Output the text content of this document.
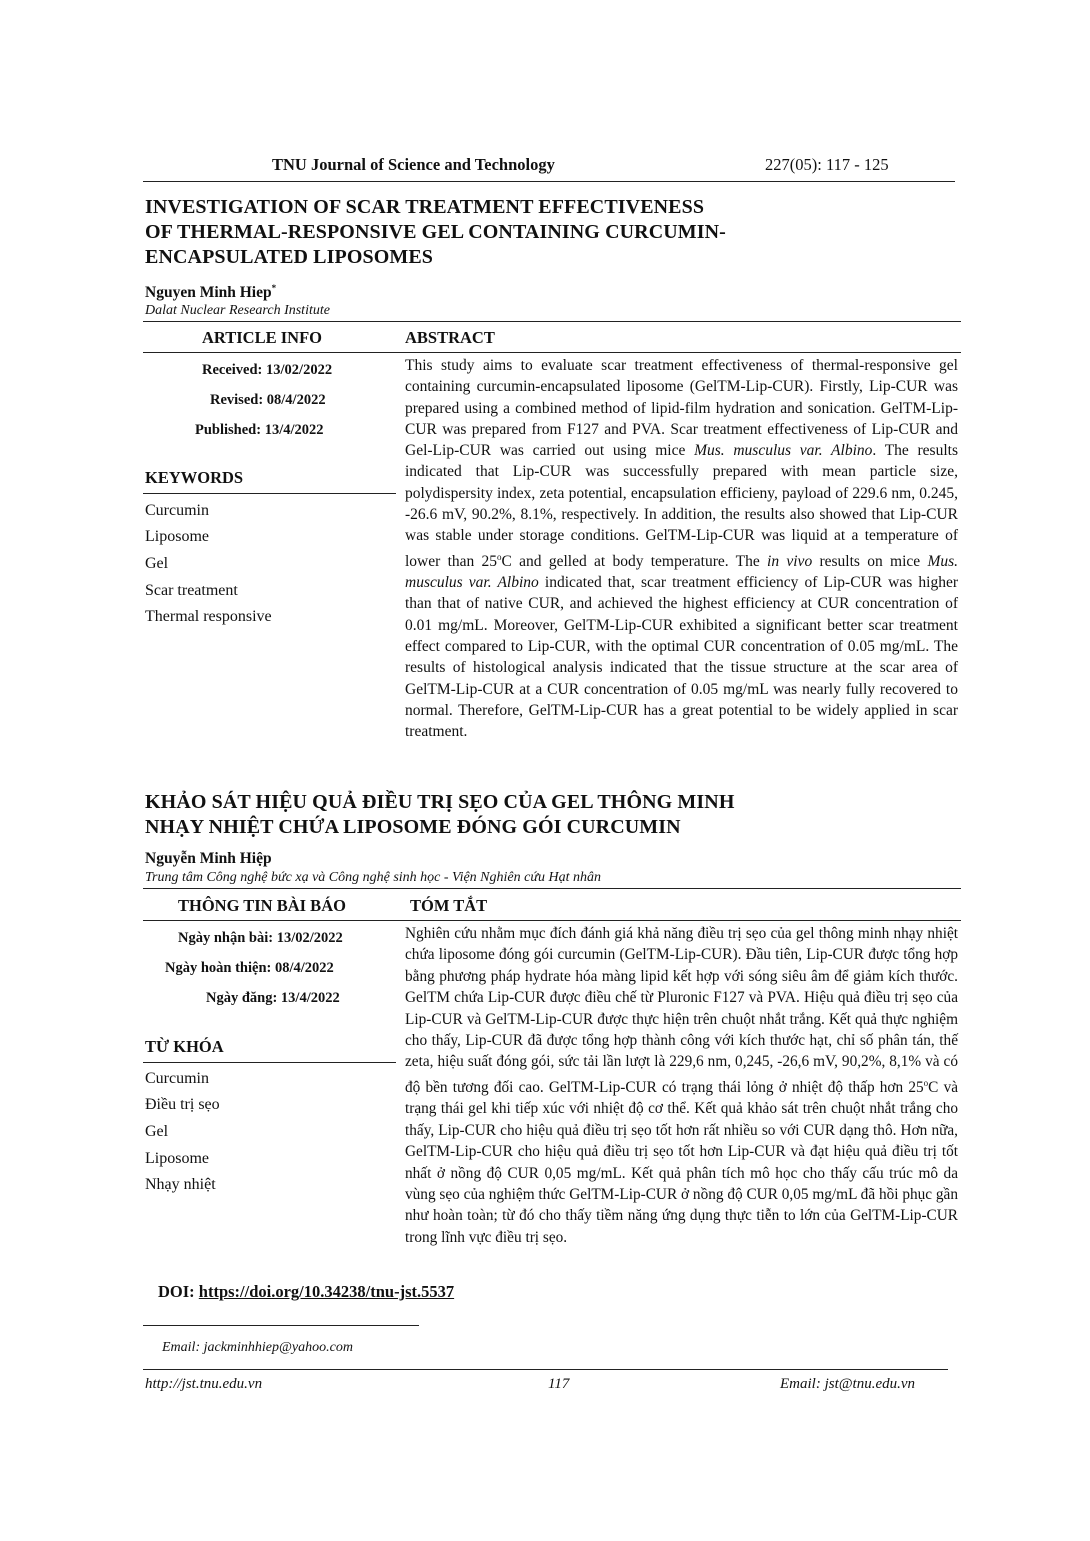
TNU Journal of Science and Technology	227(05): 117 - 125
INVESTIGATION OF SCAR TREATMENT EFFECTIVENESS
OF THERMAL-RESPONSIVE GEL CONTAINING CURCUMIN-
ENCAPSULATED LIPOSOMES
Nguyen Minh Hiep*
Dalat Nuclear Research Institute
ARTICLE INFO	ABSTRACT
Received: 13/02/2022
Revised: 08/4/2022
Published: 13/4/2022
KEYWORDS
Curcumin
Liposome
Gel
Scar treatment
Thermal responsive

This study aims to evaluate scar treatment effectiveness of thermal-responsive gel containing curcumin-encapsulated liposome (GelTM-Lip-CUR). Firstly, Lip-CUR was prepared using a combined method of lipid-film hydration and sonication. GelTM-Lip-CUR was prepared from F127 and PVA. Scar treatment effectiveness of Lip-CUR and Gel-Lip-CUR was carried out using mice Mus. musculus var. Albino. The results indicated that Lip-CUR was successfully prepared with mean particle size, polydispersity index, zeta potential, encapsulation efficieny, payload of 229.6 nm, 0.245, -26.6 mV, 90.2%, 8.1%, respectively. In addition, the results also showed that Lip-CUR was stable under storage conditions. GelTM-Lip-CUR was liquid at a temperature of lower than 25$^o$C and gelled at body temperature. The in vivo results on mice Mus. musculus var. Albino indicated that, scar treatment efficiency of Lip-CUR was higher than that of native CUR, and achieved the highest efficiency at CUR concentration of 0.01 mg/mL. Moreover, GelTM-Lip-CUR exhibited a significant better scar treatment effect compared to Lip-CUR, with the optimal CUR concentration of 0.05 mg/mL. The results of histological analysis indicated that the tissue structure at the scar area of GelTM-Lip-CUR at a CUR concentration of 0.05 mg/mL was nearly fully recovered to normal. Therefore, GelTM-Lip-CUR has a great potential to be widely applied in scar treatment.

KHẢO SÁT HIỆU QUẢ ĐIỀU TRỊ SẸO CỦA GEL THÔNG MINH
NHẠY NHIỆT CHỨA LIPOSOME ĐÓNG GÓI CURCUMIN
Nguyễn Minh Hiệp
Trung tâm Công nghệ bức xạ và Công nghệ sinh học - Viện Nghiên cứu Hạt nhân
THÔNG TIN BÀI BÁO	TÓM TẮT
Ngày nhận bài: 13/02/2022
Ngày hoàn thiện: 08/4/2022
Ngày đăng: 13/4/2022
TỪ KHÓA
Curcumin
Điều trị sẹo
Gel
Liposome
Nhạy nhiệt

Nghiên cứu nhằm mục đích đánh giá khả năng điều trị sẹo của gel thông minh nhạy nhiệt chứa liposome đóng gói curcumin (GelTM-Lip-CUR). Đầu tiên, Lip-CUR được tổng hợp bằng phương pháp hydrate hóa màng lipid kết hợp với sóng siêu âm để giảm kích thước. GelTM chứa Lip-CUR được điều chế từ Pluronic F127 và PVA. Hiệu quả điều trị sẹo của Lip-CUR và GelTM-Lip-CUR được thực hiện trên chuột nhắt trắng. Kết quả thực nghiệm cho thấy, Lip-CUR đã được tổng hợp thành công với kích thước hạt, chỉ số phân tán, thế zeta, hiệu suất đóng gói, sức tải lần lượt là 229,6 nm, 0,245, -26,6 mV, 90,2%, 8,1% và có độ bền tương đối cao. GelTM-Lip-CUR có trạng thái lỏng ở nhiệt độ thấp hơn 25$^o$C và trạng thái gel khi tiếp xúc với nhiệt độ cơ thể. Kết quả khảo sát trên chuột nhắt trắng cho thấy, Lip-CUR cho hiệu quả điều trị sẹo tốt hơn rất nhiều so với CUR dạng thô. Hơn nữa, GelTM-Lip-CUR cho hiệu quả điều trị sẹo tốt hơn Lip-CUR và đạt hiệu quả điều trị tốt nhất ở nồng độ CUR 0,05 mg/mL. Kết quả phân tích mô học cho thấy cấu trúc mô da vùng sẹo của nghiệm thức GelTM-Lip-CUR ở nồng độ CUR 0,05 mg/mL đã hồi phục gần như hoàn toàn; từ đó cho thấy tiềm năng ứng dụng thực tiễn to lớn của GelTM-Lip-CUR trong lĩnh vực điều trị sẹo.

DOI: https://doi.org/10.34238/tnu-jst.5537
Email: jackminhhiep@yahoo.com
http://jst.tnu.edu.vn	117	Email: jst@tnu.edu.vn
